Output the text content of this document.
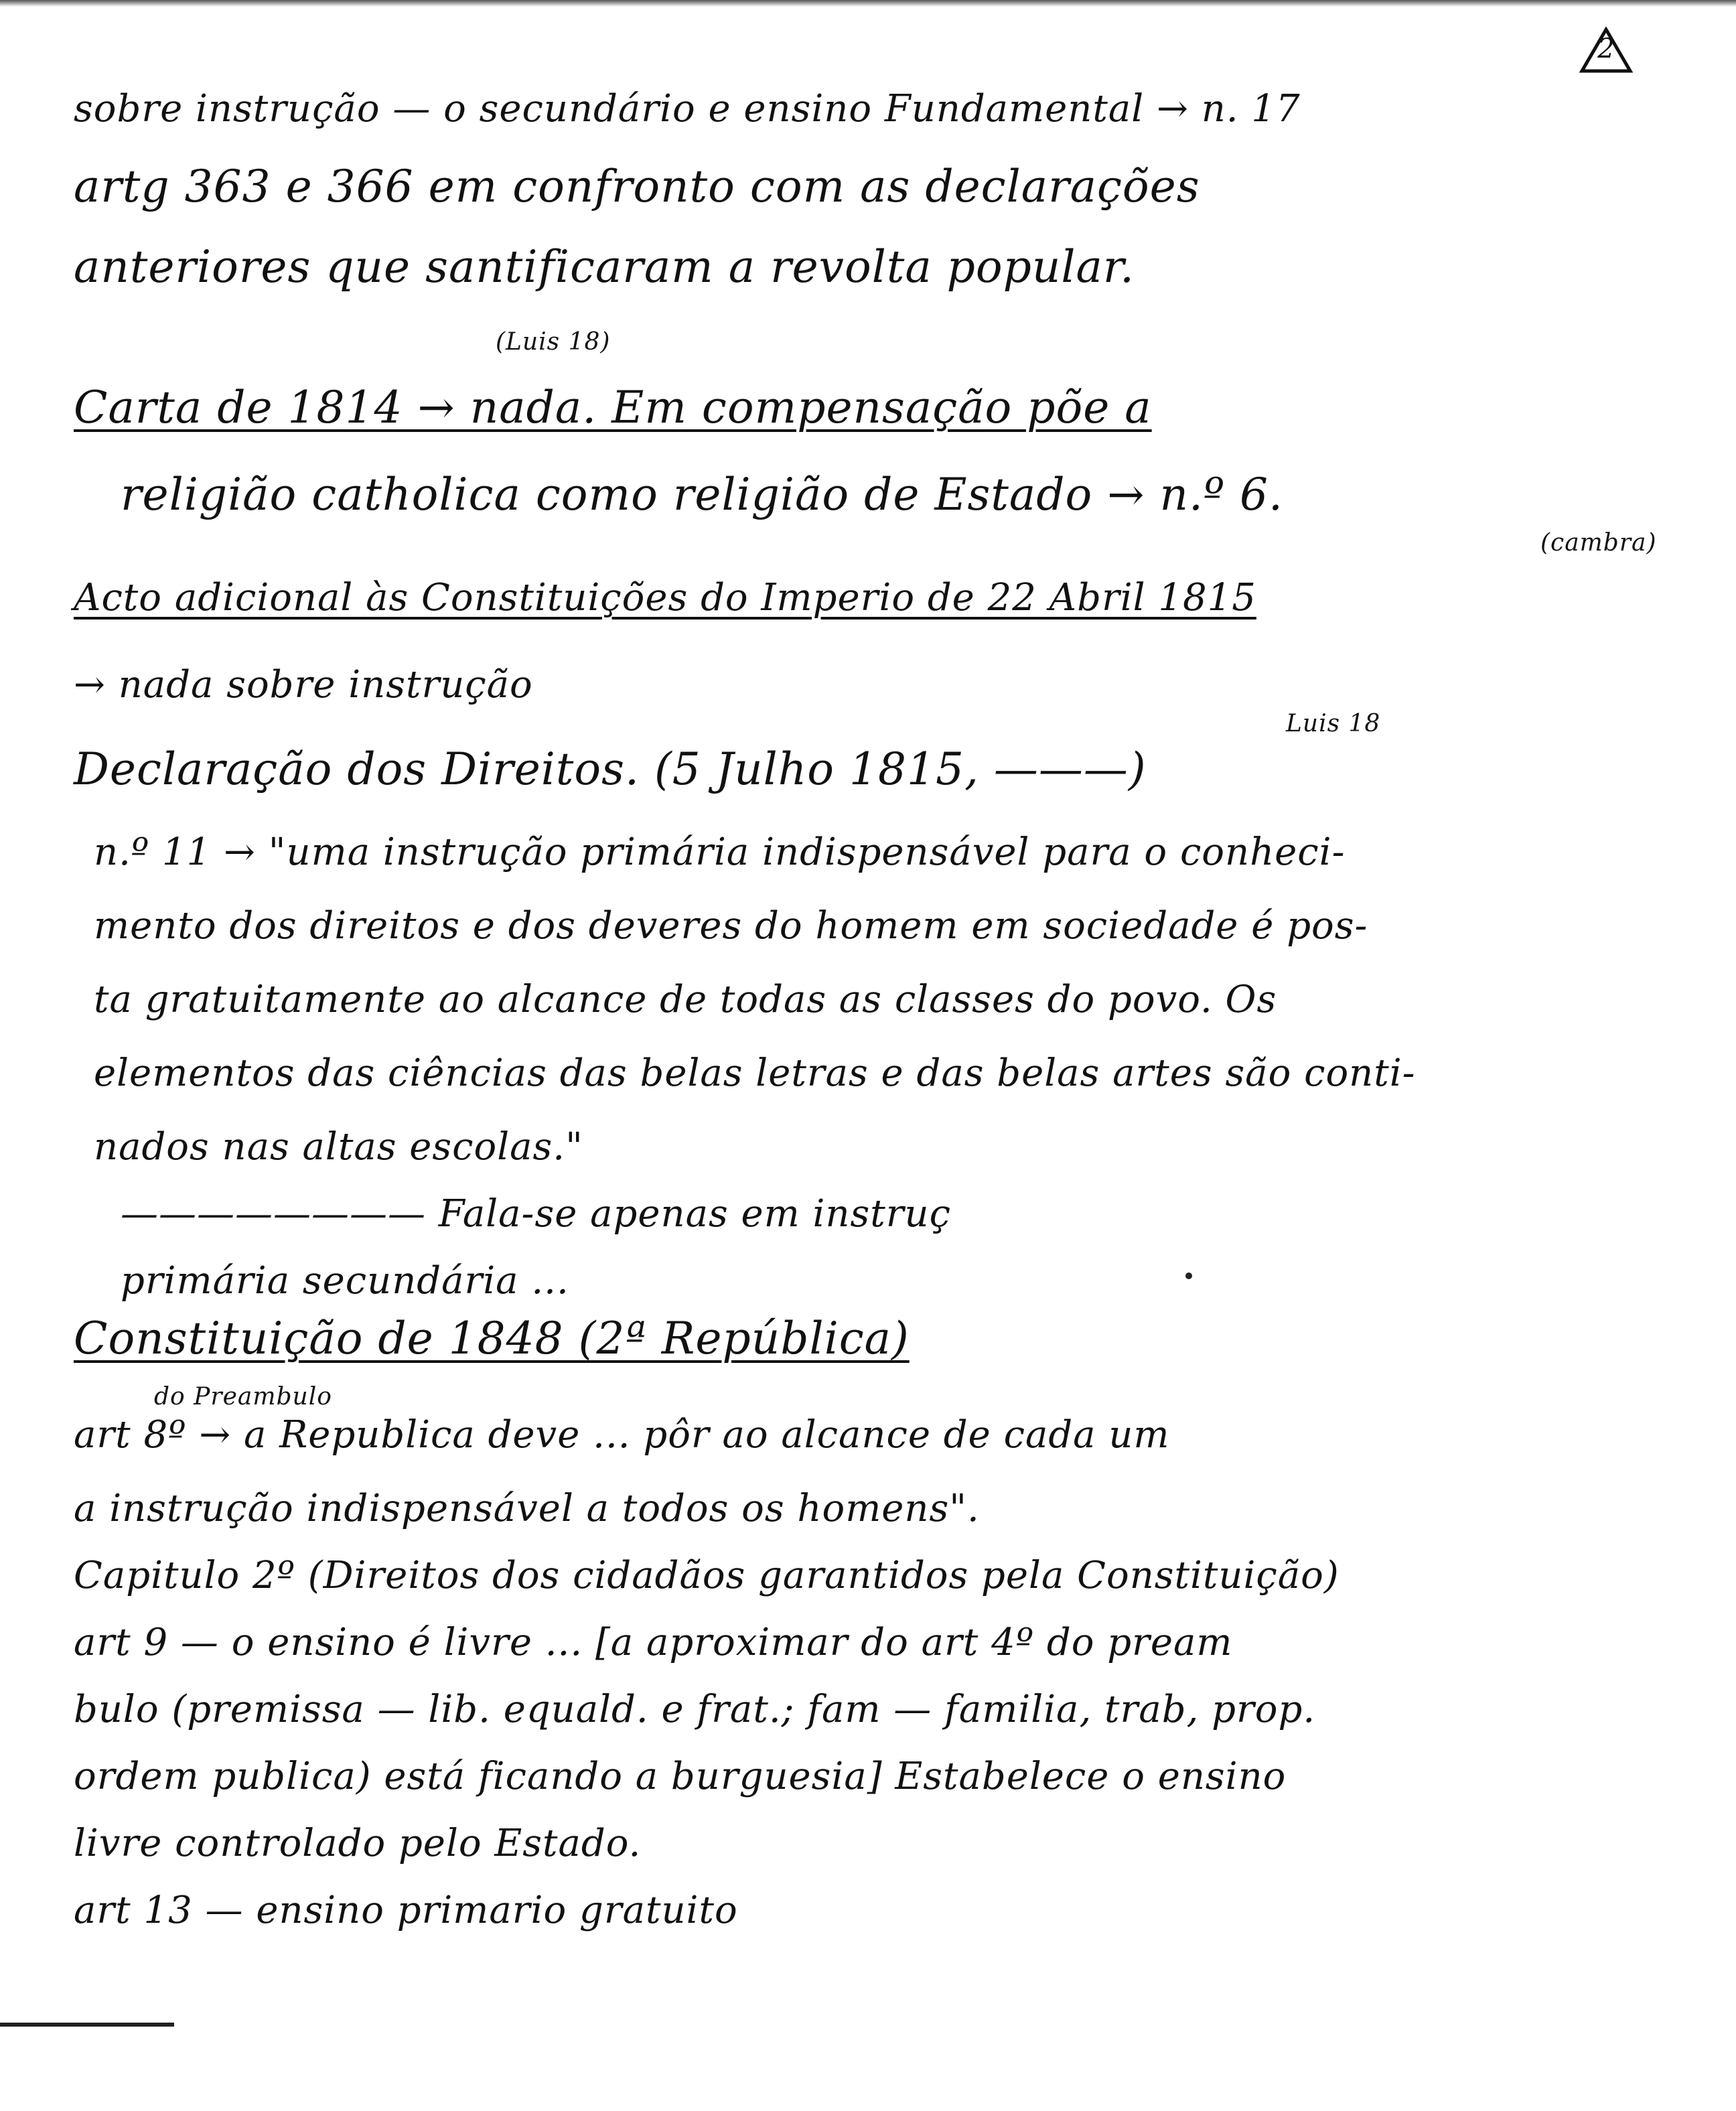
2
sobre instrução — o secundário e ensino Fundamental → n. 17
artg 363 e 366 em confronto com as declarações
anteriores que santificaram a revolta popular.
(Luis 18)
Carta de 1814 → nada. Em compensação põe a
religião catholica como religião de Estado → n.º 6.
(cambra)
Acto adicional às Constituições do Imperio de 22 Abril 1815
→ nada sobre instrução
Luis 18
Declaração dos Direitos. (5 Julho 1815, ———)
n.º 11 → "uma instrução primária indispensável para o conheci-
mento dos direitos e dos deveres do homem em sociedade é pos-
ta gratuitamente ao alcance de todas as classes do povo. Os
elementos das ciências das belas letras e das belas artes são conti-
nados nas altas escolas."
———————— Fala-se apenas em instruç
primária secundária ...
Constituição de 1848 (2ª República)
do Preambulo
art 8º → a Republica deve ... pôr ao alcance de cada um
a instrução indispensável a todos os homens".
Capitulo 2º (Direitos dos cidadãos garantidos pela Constituição)
art 9 — o ensino é livre ... [a aproximar do art 4º do pream
bulo (premissa — lib. equald. e frat.; fam — familia, trab, prop.
ordem publica) está ficando a burguesia] Estabelece o ensino
livre controlado pelo Estado.
art 13 — ensino primario gratuito
